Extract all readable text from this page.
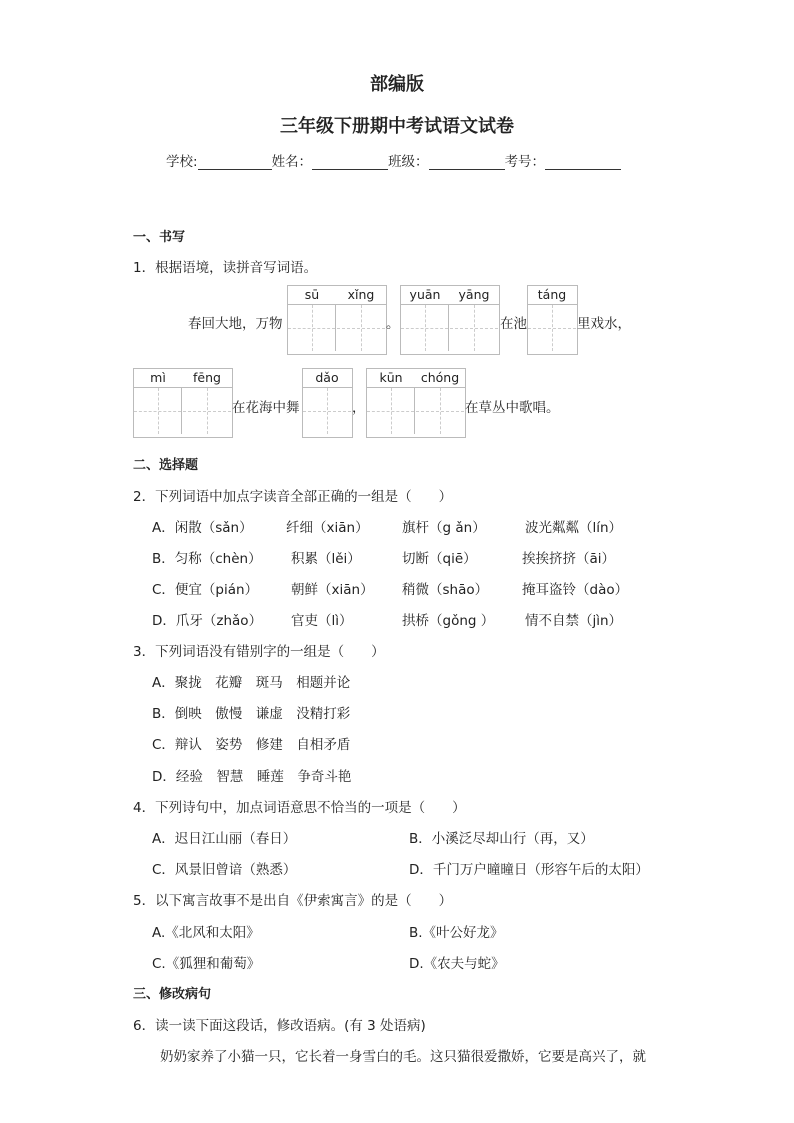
部编版
三年级下册期中考试语文试卷
学校:	姓名：	班级：	考号：
一、书写
1．根据语境，读拼音写词语。
春回大地，万物
sū	xǐng
。
yuān	yāng
在池
táng
里戏水，
mì	fēng
在花海中舞
dǎo
，
kūn	chóng
在草丛中歌唱。
二、选择题
2．下列词语中加点字读音全部正确的一组是（　　）
A．闲散（sǎn） 纤细（xiān） 旗杆（g ǎn）	波光粼粼（lín）
B．匀称（chèn） 积累（lěi）	切断（qiē）	挨挨挤挤（āi）
C．便宜（pián） 朝鲜（xiān） 稍微（shāo）	掩耳盗铃（dào）
D．爪牙（zhǎo） 官吏（lì）	拱桥（gǒng ） 情不自禁（jìn）
3．下列词语没有错别字的一组是（　　）
A．聚拢　花瓣　斑马　相题并论
B．倒映　傲慢　谦虚　没精打彩
C．辩认　姿势　修建　自相矛盾
D．经验　智慧　睡莲　争奇斗艳
4．下列诗句中，加点词语意思不恰当的一项是（　　）
A．迟日江山丽（春日）	B．小溪泛尽却山行（再，又）
C．风景旧曾谙（熟悉）	D．千门万户曈曈日（形容午后的太阳）
5．以下寓言故事不是出自《伊索寓言》的是（　　）
A.《北风和太阳》	B.《叶公好龙》
C.《狐狸和葡萄》	D.《农夫与蛇》
三、修改病句
6．读一读下面这段话，修改语病。(有 3 处语病)
奶奶家养了小猫一只，它长着一身雪白的毛。这只猫很爱撒娇，它要是高兴了，就
